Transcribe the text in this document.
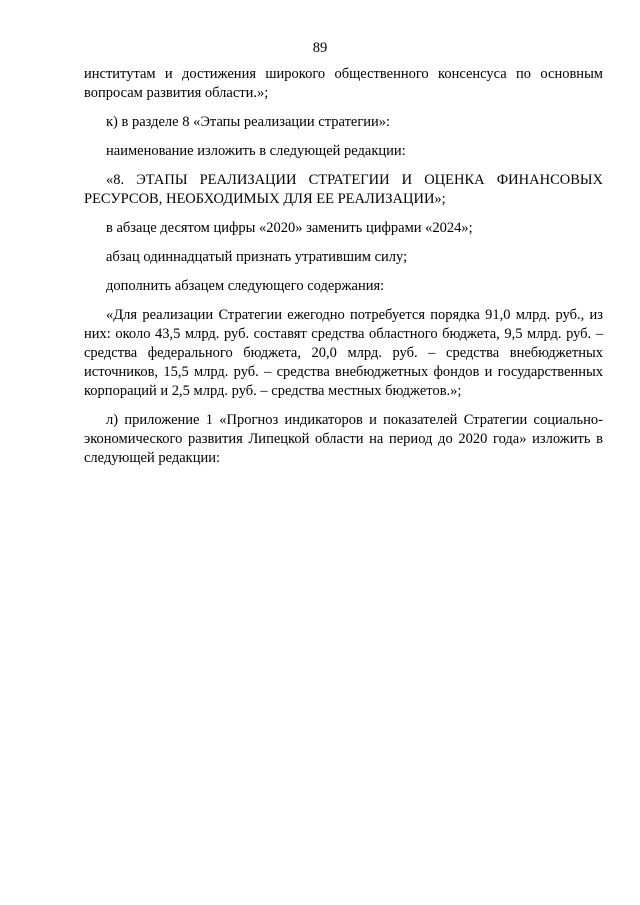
89

институтам и достижения широкого общественного консенсуса по основным вопросам развития области.»;

к) в разделе 8 «Этапы реализации стратегии»:

наименование изложить в следующей редакции:

«8. ЭТАПЫ РЕАЛИЗАЦИИ СТРАТЕГИИ И ОЦЕНКА ФИНАНСОВЫХ РЕСУРСОВ, НЕОБХОДИМЫХ ДЛЯ ЕЕ РЕАЛИЗАЦИИ»;

в абзаце десятом цифры «2020» заменить цифрами «2024»;

абзац одиннадцатый признать утратившим силу;

дополнить абзацем следующего содержания:

«Для реализации Стратегии ежегодно потребуется порядка 91,0 млрд. руб., из них: около 43,5 млрд. руб. составят средства областного бюджета, 9,5 млрд. руб. – средства федерального бюджета, 20,0 млрд. руб. – средства внебюджетных источников, 15,5 млрд. руб. – средства внебюджетных фондов и государственных корпораций и 2,5 млрд. руб. – средства местных бюджетов.»;

л) приложение 1 «Прогноз индикаторов и показателей Стратегии социально-экономического развития Липецкой области на период до 2020 года» изложить в следующей редакции:
